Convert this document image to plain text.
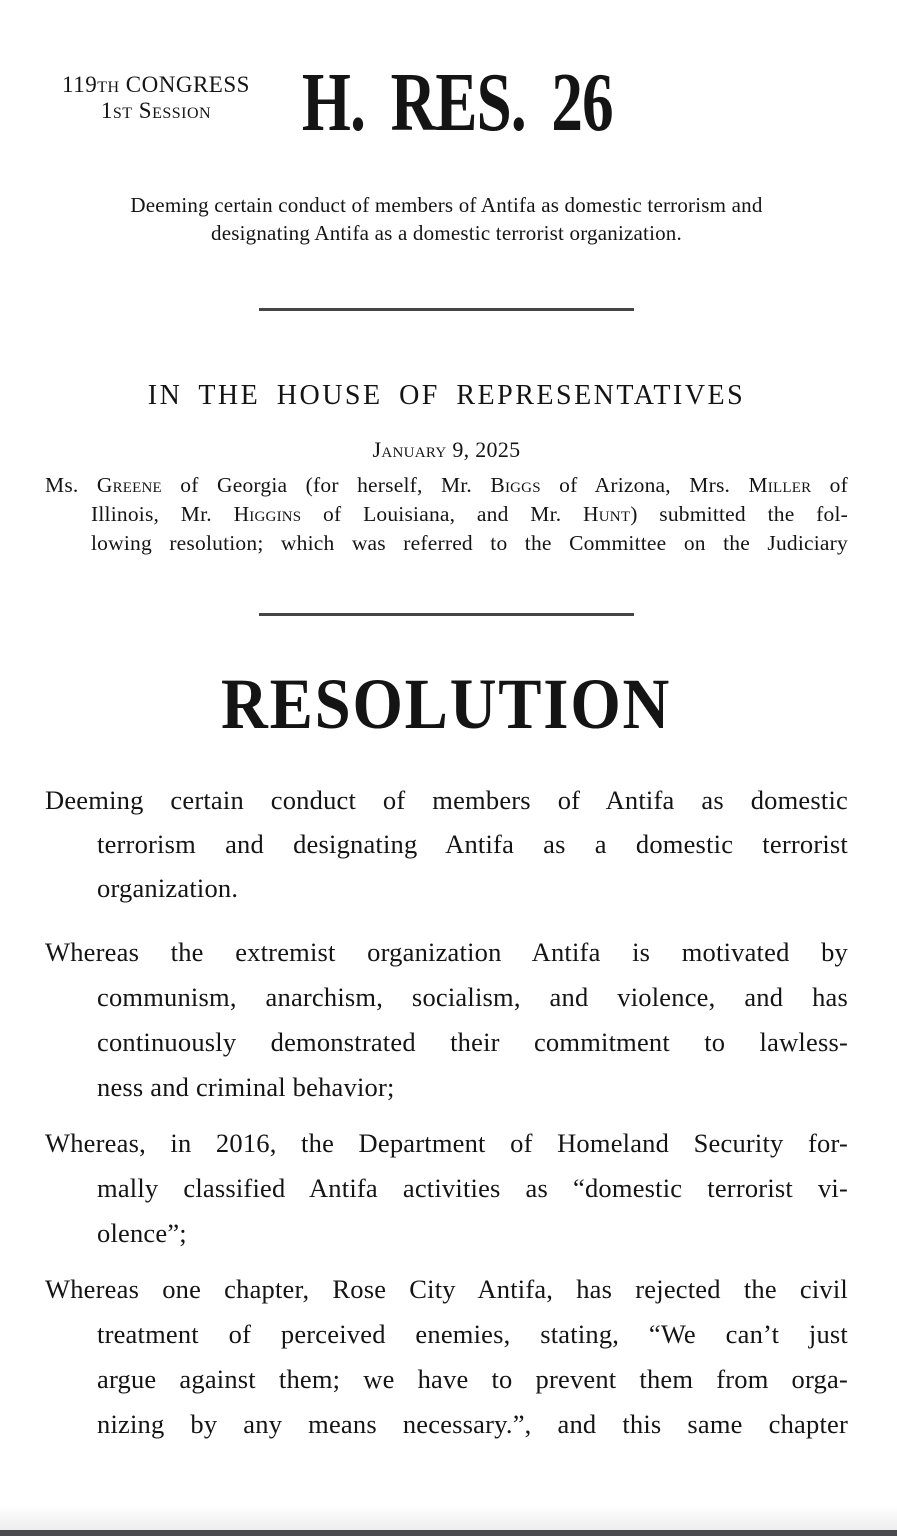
119th CONGRESS
1st Session	H. RES. 26
Deeming certain conduct of members of Antifa as domestic terrorism and
designating Antifa as a domestic terrorist organization.
IN THE HOUSE OF REPRESENTATIVES
January 9, 2025
Ms. Greene of Georgia (for herself, Mr. Biggs of Arizona, Mrs. Miller of
Illinois, Mr. Higgins of Louisiana, and Mr. Hunt) submitted the fol-
lowing resolution; which was referred to the Committee on the Judiciary
RESOLUTION
Deeming certain conduct of members of Antifa as domestic
terrorism and designating Antifa as a domestic terrorist
organization.
Whereas the extremist organization Antifa is motivated by
communism, anarchism, socialism, and violence, and has
continuously demonstrated their commitment to lawless-
ness and criminal behavior;
Whereas, in 2016, the Department of Homeland Security for-
mally classified Antifa activities as “domestic terrorist vi-
olence”;
Whereas one chapter, Rose City Antifa, has rejected the civil
treatment of perceived enemies, stating, “We can’t just
argue against them; we have to prevent them from orga-
nizing by any means necessary.”, and this same chapter
